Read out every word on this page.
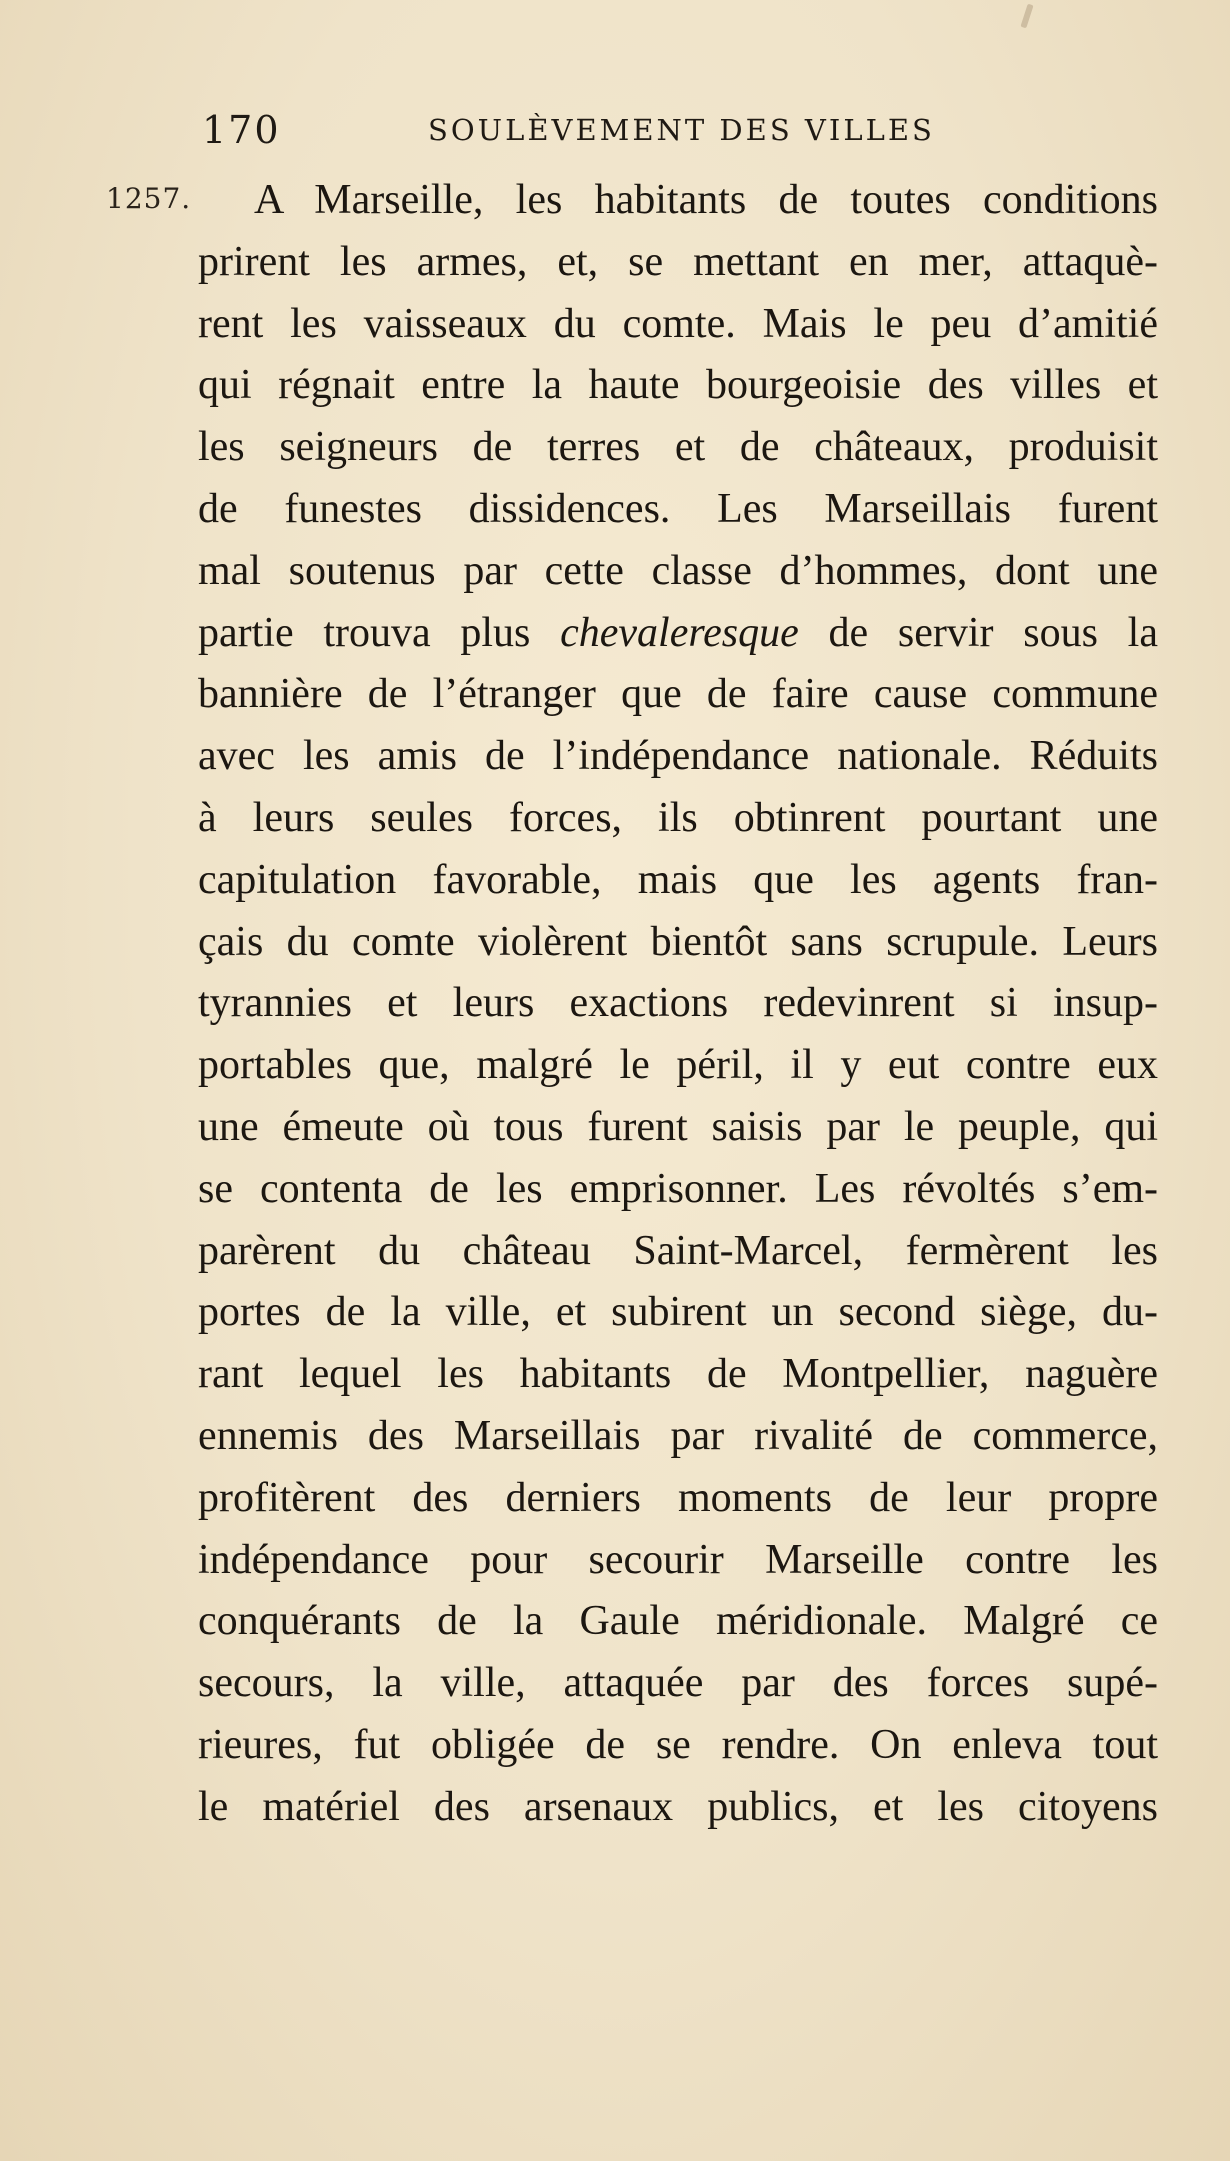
170	SOULÈVEMENT DES VILLES
1257.	A Marseille, les habitants de toutes conditions
prirent les armes, et, se mettant en mer, attaquè-
rent les vaisseaux du comte. Mais le peu d’amitié
qui régnait entre la haute bourgeoisie des villes et
les seigneurs de terres et de châteaux, produisit
de funestes dissidences. Les Marseillais furent
mal soutenus par cette classe d’hommes, dont une
partie trouva plus chevaleresque de servir sous la
bannière de l’étranger que de faire cause commune
avec les amis de l’indépendance nationale. Réduits
à leurs seules forces, ils obtinrent pourtant une
capitulation favorable, mais que les agents fran-
çais du comte violèrent bientôt sans scrupule. Leurs
tyrannies et leurs exactions redevinrent si insup-
portables que, malgré le péril, il y eut contre eux
une émeute où tous furent saisis par le peuple, qui
se contenta de les emprisonner. Les révoltés s’em-
parèrent du château Saint-Marcel, fermèrent les
portes de la ville, et subirent un second siège, du-
rant lequel les habitants de Montpellier, naguère
ennemis des Marseillais par rivalité de commerce,
profitèrent des derniers moments de leur propre
indépendance pour secourir Marseille contre les
conquérants de la Gaule méridionale. Malgré ce
secours, la ville, attaquée par des forces supé-
rieures, fut obligée de se rendre. On enleva tout
le matériel des arsenaux publics, et les citoyens
